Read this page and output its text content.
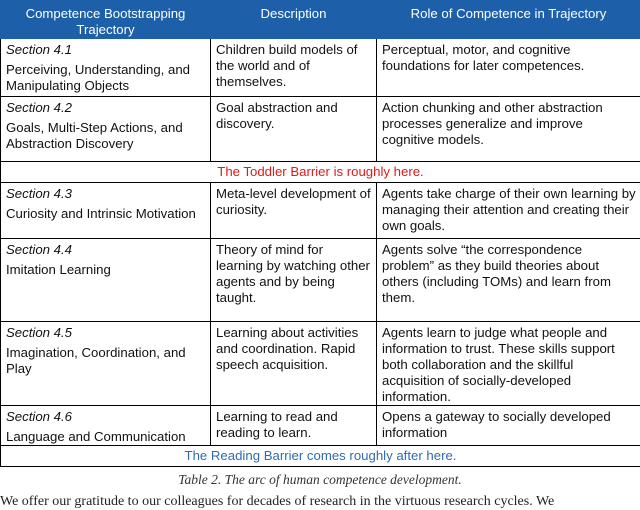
Competence Bootstrapping Trajectory	Description	Role of Competence in Trajectory

Section 4.1
Perceiving, Understanding, and Manipulating Objects	Children build models of the world and of themselves.	Perceptual, motor, and cognitive foundations for later competences.

Section 4.2
Goals, Multi-Step Actions, and Abstraction Discovery	Goal abstraction and discovery.	Action chunking and other abstraction processes generalize and improve cognitive models.
The Toddler Barrier is roughly here.		

Section 4.3
Curiosity and Intrinsic Motivation	Meta-level development of curiosity.	Agents take charge of their own learning by managing their attention and creating their own goals.

Section 4.4
Imitation Learning	Theory of mind for learning by watching other agents and by being taught.	Agents solve “the correspondence problem” as they build theories about others (including TOMs) and learn from them.

Section 4.5
Imagination, Coordination, and Play	Learning about activities and coordination. Rapid speech acquisition.	Agents learn to judge what people and information to trust. These skills support both collaboration and the skillful acquisition of socially-developed information.

Section 4.6
Language and Communication	Learning to read and reading to learn.	Opens a gateway to socially developed information
The Reading Barrier comes roughly after here.		
Table 2. The arc of human competence development.
We offer our gratitude to our colleagues for decades of research in the virtuous research cycles. We
